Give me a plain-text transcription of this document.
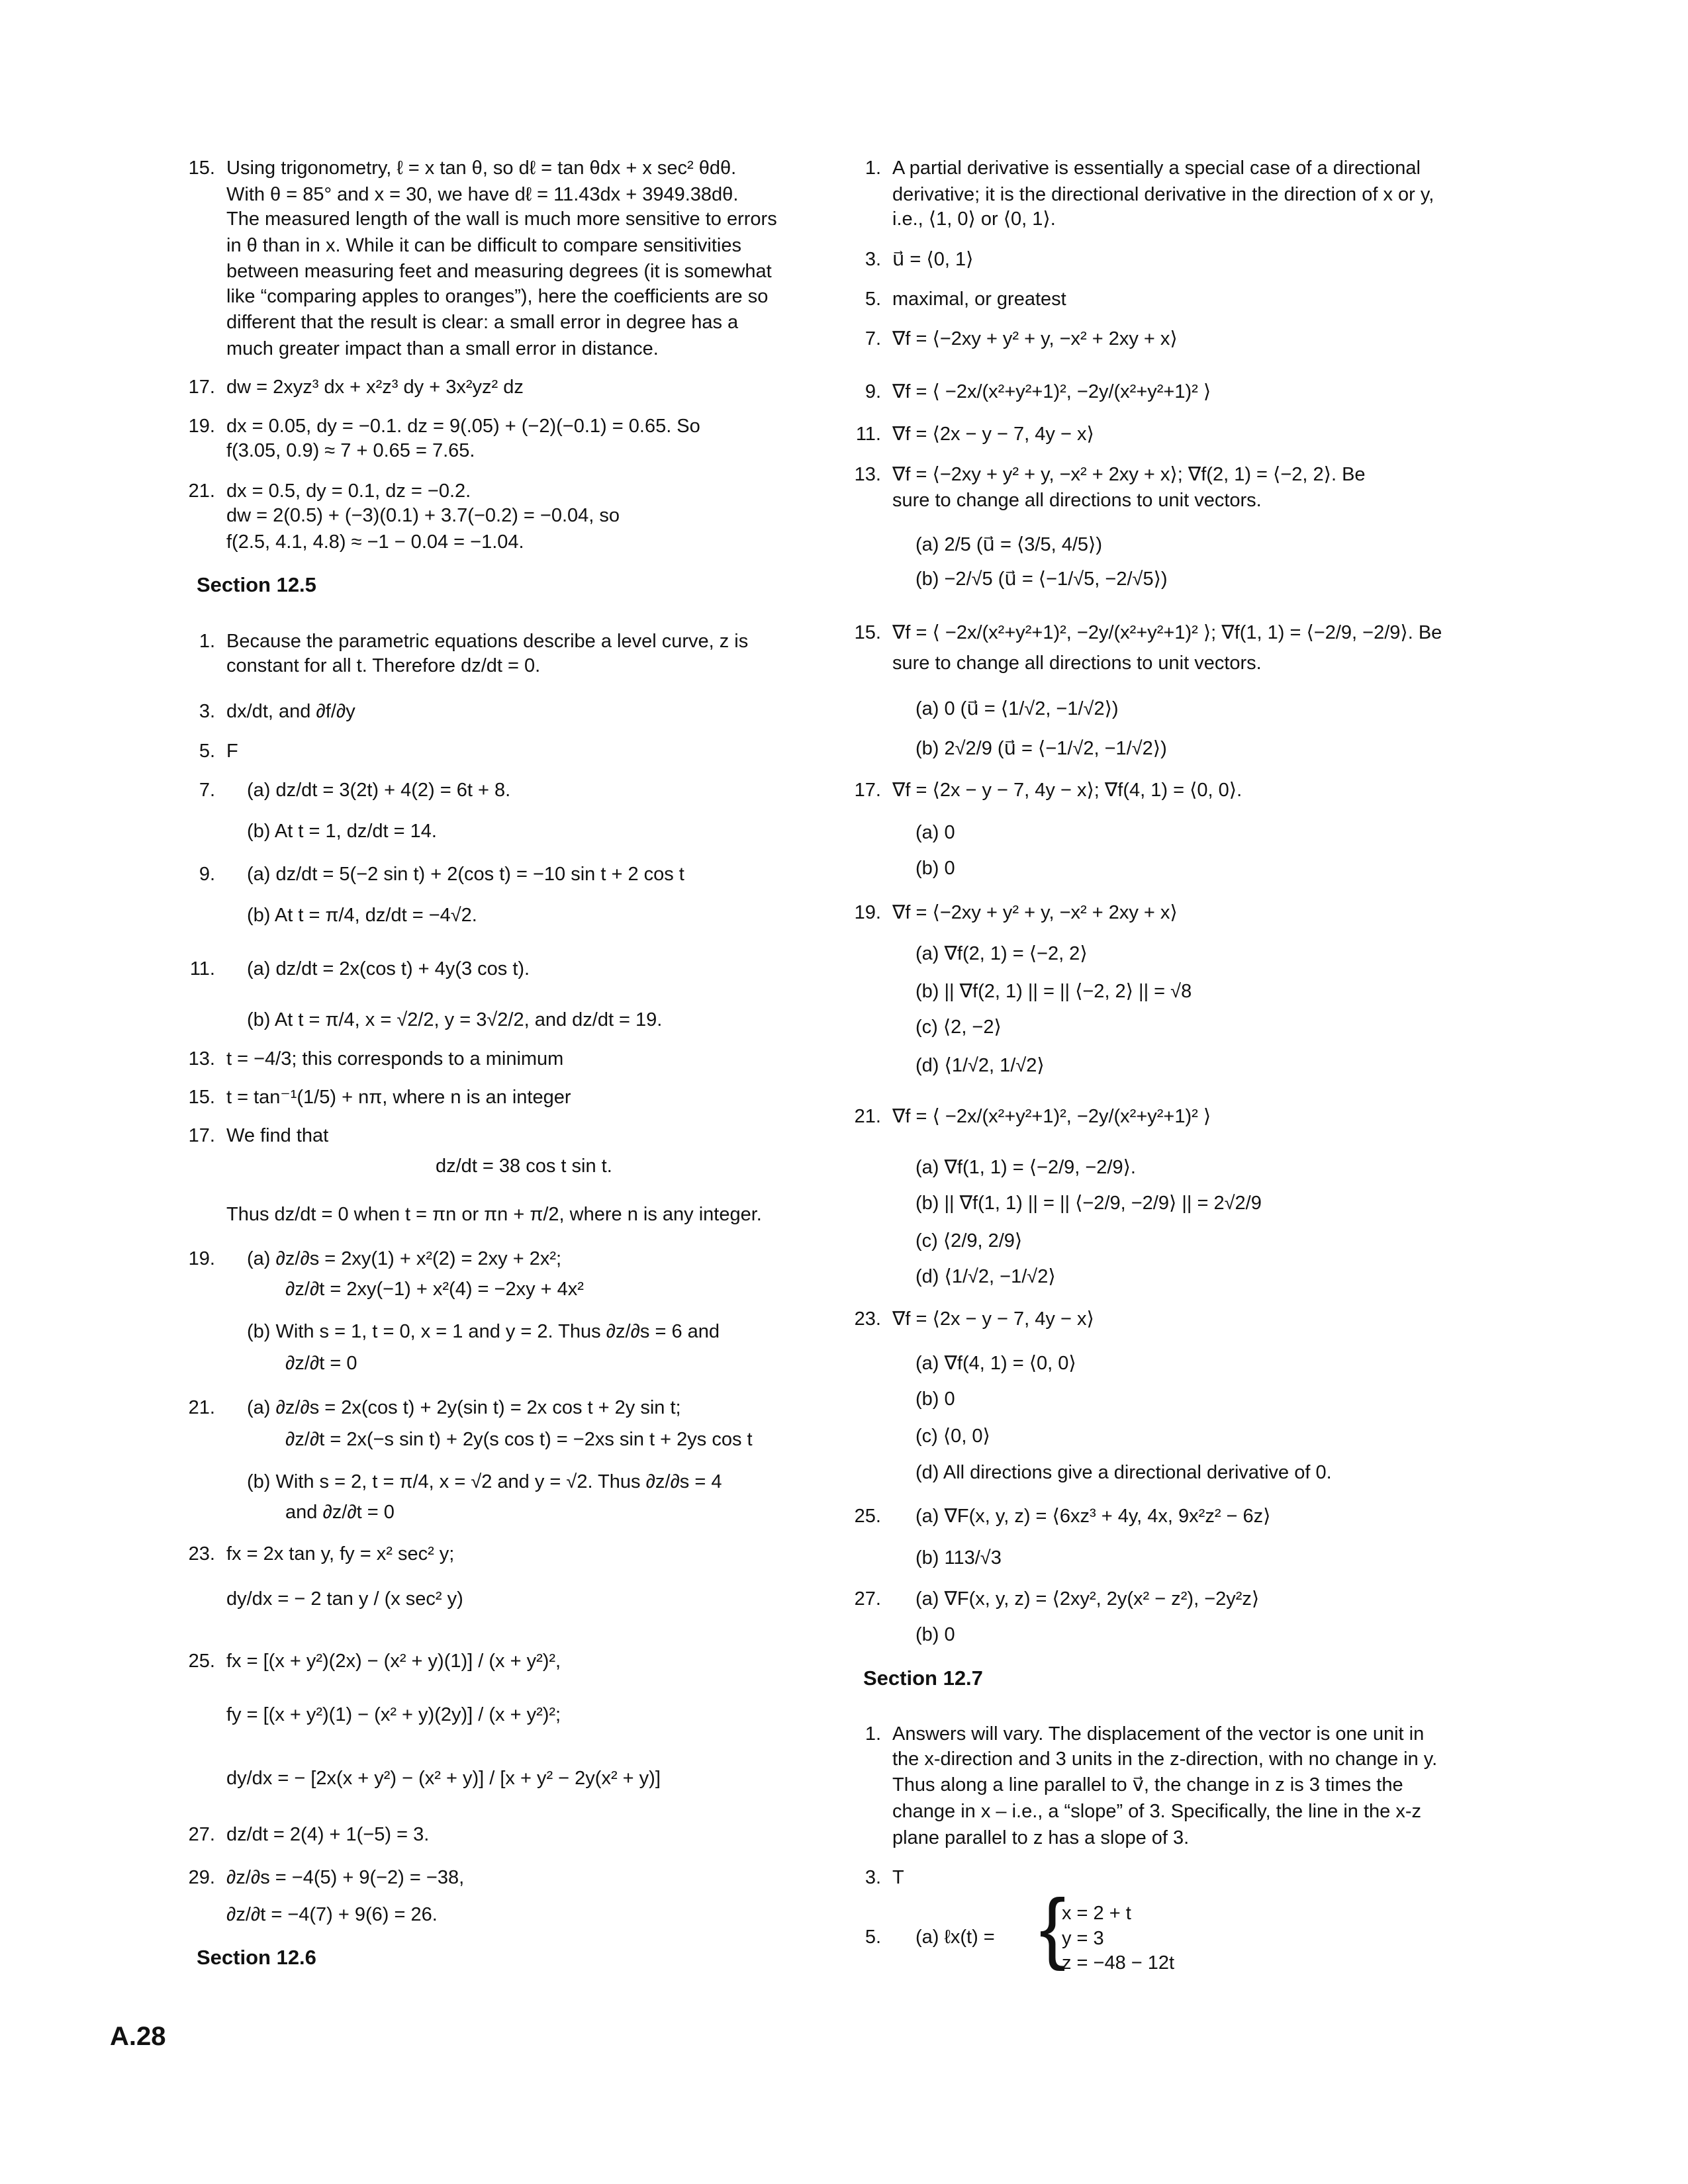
Section 12.5
Section 12.6
Section 12.7
{
A.28
Using trigonometry, ℓ = x tan θ, so dℓ = tan θdx + x sec² θdθ.
15.
With θ = 85° and x = 30, we have dℓ = 11.43dx + 3949.38dθ.
The measured length of the wall is much more sensitive to errors
in θ than in x. While it can be difficult to compare sensitivities
between measuring feet and measuring degrees (it is somewhat
like “comparing apples to oranges”), here the coefficients are so
different that the result is clear: a small error in degree has a
much greater impact than a small error in distance.
dw = 2xyz³ dx + x²z³ dy + 3x²yz² dz
17.
dx = 0.05, dy = −0.1. dz = 9(.05) + (−2)(−0.1) = 0.65. So
19.
f(3.05, 0.9) ≈ 7 + 0.65 = 7.65.
dx = 0.5, dy = 0.1, dz = −0.2.
21.
dw = 2(0.5) + (−3)(0.1) + 3.7(−0.2) = −0.04, so
f(2.5, 4.1, 4.8) ≈ −1 − 0.04 = −1.04.
Because the parametric equations describe a level curve, z is
1.
constant for all t. Therefore dz/dt = 0.
dx/dt, and ∂f/∂y
3.
F
5.
(a) dz/dt = 3(2t) + 4(2) = 6t + 8.
7.
(b) At t = 1, dz/dt = 14.
(a) dz/dt = 5(−2 sin t) + 2(cos t) = −10 sin t + 2 cos t
9.
(b) At t = π/4, dz/dt = −4√2.
(a) dz/dt = 2x(cos t) + 4y(3 cos t).
11.
(b) At t = π/4, x = √2/2, y = 3√2/2, and dz/dt = 19.
t = −4/3; this corresponds to a minimum
13.
t = tan⁻¹(1/5) + nπ, where n is an integer
15.
We find that
17.
dz/dt = 38 cos t sin t.
Thus dz/dt = 0 when t = πn or πn + π/2, where n is any integer.
(a) ∂z/∂s = 2xy(1) + x²(2) = 2xy + 2x²;
19.
∂z/∂t = 2xy(−1) + x²(4) = −2xy + 4x²
(b) With s = 1, t = 0, x = 1 and y = 2. Thus ∂z/∂s = 6 and
∂z/∂t = 0
(a) ∂z/∂s = 2x(cos t) + 2y(sin t) = 2x cos t + 2y sin t;
21.
∂z/∂t = 2x(−s sin t) + 2y(s cos t) = −2xs sin t + 2ys cos t
(b) With s = 2, t = π/4, x = √2 and y = √2. Thus ∂z/∂s = 4
and ∂z/∂t = 0
fx = 2x tan y, fy = x² sec² y;
23.
dy/dx = − 2 tan y / (x sec² y)
fx = [(x + y²)(2x) − (x² + y)(1)] / (x + y²)²,
25.
fy = [(x + y²)(1) − (x² + y)(2y)] / (x + y²)²;
dy/dx = − [2x(x + y²) − (x² + y)] / [x + y² − 2y(x² + y)]
dz/dt = 2(4) + 1(−5) = 3.
27.
∂z/∂s = −4(5) + 9(−2) = −38,
29.
∂z/∂t = −4(7) + 9(6) = 26.
A partial derivative is essentially a special case of a directional
1.
derivative; it is the directional derivative in the direction of x or y,
i.e., ⟨1, 0⟩ or ⟨0, 1⟩.
u⃗ = ⟨0, 1⟩
3.
maximal, or greatest
5.
∇f = ⟨−2xy + y² + y, −x² + 2xy + x⟩
7.
∇f = ⟨ −2x/(x²+y²+1)², −2y/(x²+y²+1)² ⟩
9.
∇f = ⟨2x − y − 7, 4y − x⟩
11.
∇f = ⟨−2xy + y² + y, −x² + 2xy + x⟩; ∇f(2, 1) = ⟨−2, 2⟩. Be
13.
sure to change all directions to unit vectors.
(a) 2/5 (u⃗ = ⟨3/5, 4/5⟩)
(b) −2/√5 (u⃗ = ⟨−1/√5, −2/√5⟩)
∇f = ⟨ −2x/(x²+y²+1)², −2y/(x²+y²+1)² ⟩; ∇f(1, 1) = ⟨−2/9, −2/9⟩. Be
15.
sure to change all directions to unit vectors.
(a) 0 (u⃗ = ⟨1/√2, −1/√2⟩)
(b) 2√2/9 (u⃗ = ⟨−1/√2, −1/√2⟩)
∇f = ⟨2x − y − 7, 4y − x⟩; ∇f(4, 1) = ⟨0, 0⟩.
17.
(a) 0
(b) 0
∇f = ⟨−2xy + y² + y, −x² + 2xy + x⟩
19.
(a) ∇f(2, 1) = ⟨−2, 2⟩
(b) || ∇f(2, 1) || = || ⟨−2, 2⟩ || = √8
(c) ⟨2, −2⟩
(d) ⟨1/√2, 1/√2⟩
∇f = ⟨ −2x/(x²+y²+1)², −2y/(x²+y²+1)² ⟩
21.
(a) ∇f(1, 1) = ⟨−2/9, −2/9⟩.
(b) || ∇f(1, 1) || = || ⟨−2/9, −2/9⟩ || = 2√2/9
(c) ⟨2/9, 2/9⟩
(d) ⟨1/√2, −1/√2⟩
∇f = ⟨2x − y − 7, 4y − x⟩
23.
(a) ∇f(4, 1) = ⟨0, 0⟩
(b) 0
(c) ⟨0, 0⟩
(d) All directions give a directional derivative of 0.
(a) ∇F(x, y, z) = ⟨6xz³ + 4y, 4x, 9x²z² − 6z⟩
25.
(b) 113/√3
(a) ∇F(x, y, z) = ⟨2xy², 2y(x² − z²), −2y²z⟩
27.
(b) 0
Answers will vary. The displacement of the vector is one unit in
1.
the x-direction and 3 units in the z-direction, with no change in y.
Thus along a line parallel to v⃗, the change in z is 3 times the
change in x – i.e., a “slope” of 3. Specifically, the line in the x-z
plane parallel to z has a slope of 3.
T
3.
(a) ℓx(t) =
5.
x = 2 + t
y = 3
z = −48 − 12t
